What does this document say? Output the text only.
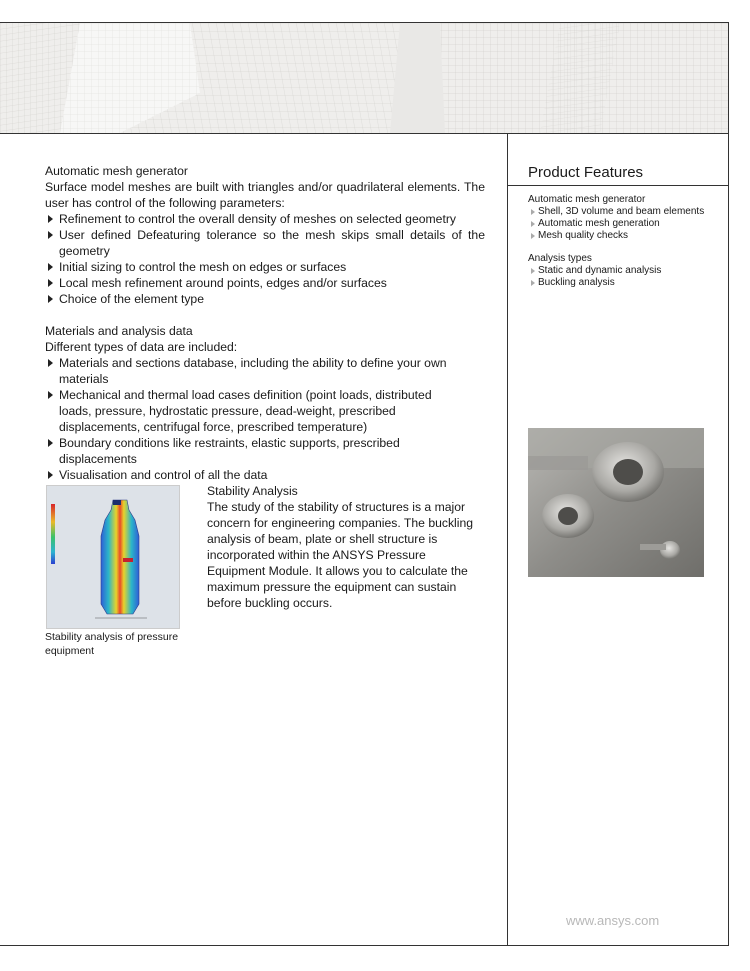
Automatic mesh generator

Surface model meshes are built with triangles and/or quadrilateral elements. The user has control of the following parameters:

Refinement to control the overall density of meshes on selected geometry
User defined Defeaturing tolerance so the mesh skips small details of the geometry
Initial sizing to control the mesh on edges or surfaces
Local mesh refinement around points, edges and/or surfaces
Choice of the element type
Materials and analysis data

Different types of data are included:

Materials and sections database, including the ability to define your own materials
Mechanical and thermal load cases definition (point loads, distributed loads, pressure, hydrostatic pressure, dead-weight, prescribed displacements, centrifugal force, prescribed temperature)
Boundary conditions like restraints, elastic supports, prescribed displacements
Visualisation and control of all the data
Stability analysis of pressure equipment
Stability Analysis

The study of the stability of structures is a major concern for engineering companies. The buckling analysis of beam, plate or shell structure is incorporated within the ANSYS Pressure Equipment Module. It allows you to calculate the maximum pressure the equipment can sustain before buckling occurs.

Product Features

Automatic mesh generator

Shell, 3D volume and beam elements
Automatic mesh generation
Mesh quality checks

Analysis types

Static and dynamic analysis
Buckling analysis
www.ansys.com
